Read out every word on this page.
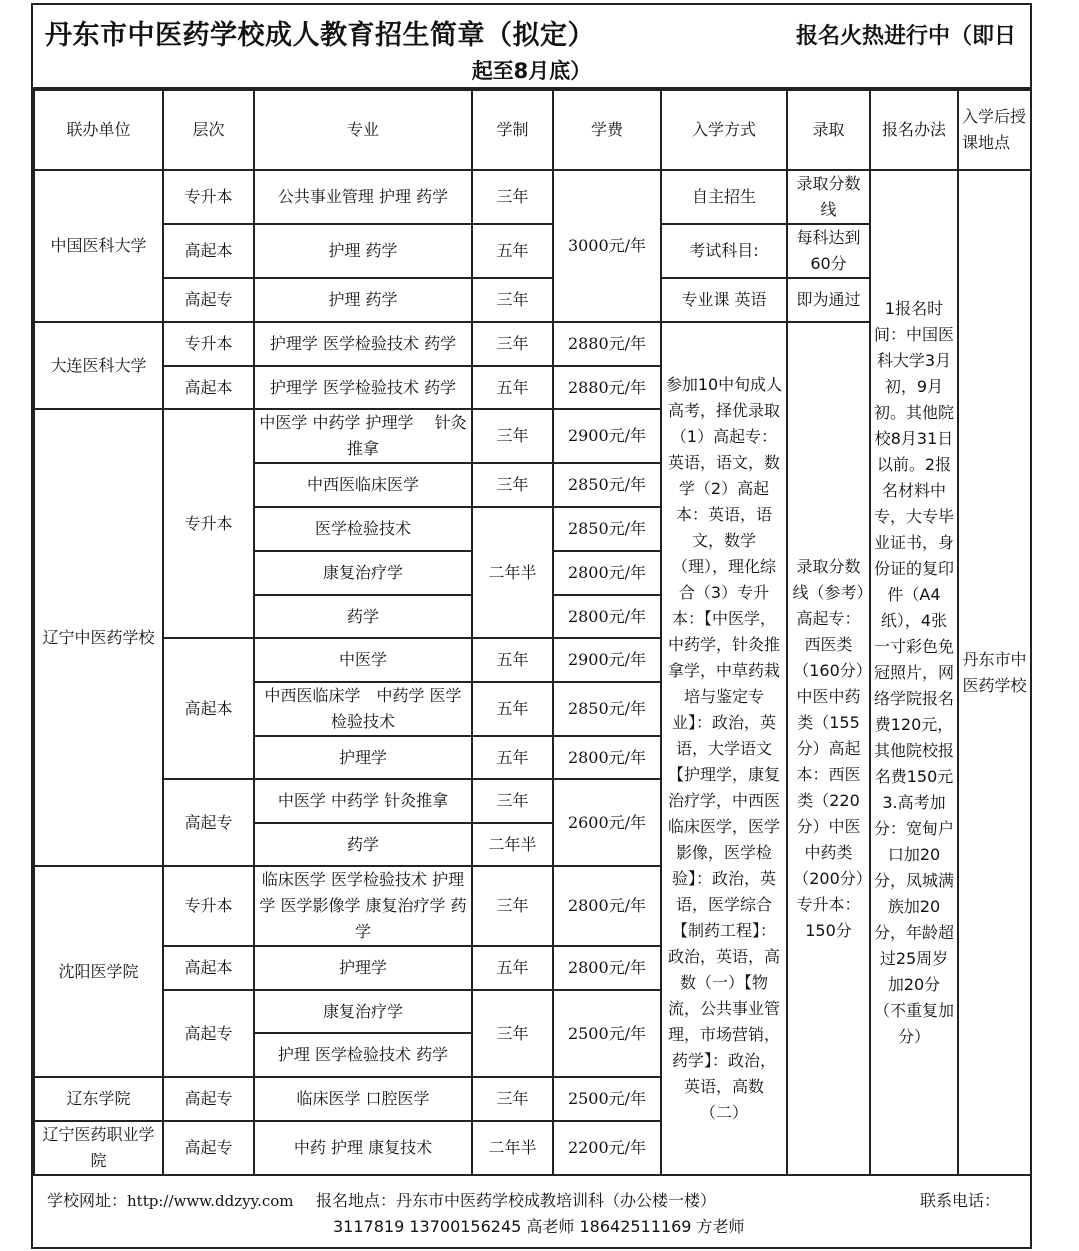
丹东市中医药学校成人教育招生简章（拟定）	报名火热进行中（即日
起至8月底）
联办单位	层次	专业	学制	学费	入学方式	录取	报名办法	入学后授课地点
中国医科大学	专升本	公共事业管理 护理 药学	三年	3000元/年	自主招生	录取分数线	1报名时间：中国医科大学3月初，9月初。其他院校8月31日以前。2报名材料中专，大专毕业证书，身份证的复印件（A4纸），4张一寸彩色免冠照片，网络学院报名费120元，其他院校报名费150元3.高考加分：宽甸户口加20分，凤城满族加20分，年龄超过25周岁加20分（不重复加分）	丹东市中医药学校
	高起本	护理 药学	五年		考试科目:	每科达到60分		
	高起专	护理 药学	三年		专业课 英语	即为通过		
大连医科大学	专升本	护理学 医学检验技术 药学	三年	2880元/年	参加10中旬成人高考，择优录取（1）高起专：英语，语文，数学（2）高起本：英语，语文，数学（理），理化综合（3）专升本：【中医学，中药学，针灸推拿学，中草药栽培与鉴定专业】：政治，英语，大学语文【护理学，康复治疗学，中西医临床医学，医学影像，医学检验】：政治，英语，医学综合【制药工程】：政治，英语，高数（一）【物流，公共事业管理，市场营销，药学】：政治，英语，高数（二）	录取分数线（参考）高起专：西医类（160分）中医中药类（155分）高起本：西医类（220分）中医中药类（200分）专升本：150分		
	高起本	护理学 医学检验技术 药学	五年	2880元/年				
辽宁中医药学校	专升本	中医学 中药学 护理学　 针灸推拿	三年	2900元/年				
		中西医临床医学	三年	2850元/年				
		医学检验技术	二年半	2850元/年				
		康复治疗学		2800元/年				
		药学		2800元/年				
	高起本	中医学	五年	2900元/年				
		中西医临床学　中药学 医学检验技术	五年	2850元/年				
		护理学	五年	2800元/年				
	高起专	中医学 中药学 针灸推拿	三年	2600元/年				
		药学	二年半					
沈阳医学院	专升本	临床医学 医学检验技术 护理学 医学影像学 康复治疗学 药学	三年	2800元/年				
	高起本	护理学	五年	2800元/年				
	高起专	康复治疗学	三年	2500元/年				
		护理 医学检验技术 药学						
辽东学院	高起专	临床医学 口腔医学	三年	2500元/年				
辽宁医药职业学院	高起专	中药 护理 康复技术	二年半	2200元/年				
学校网址：http://www.ddzyy.com 报名地点：丹东市中医药学校成教培训科（办公楼一楼）	联系电话：
3117819 13700156245 高老师 18642511169 方老师
